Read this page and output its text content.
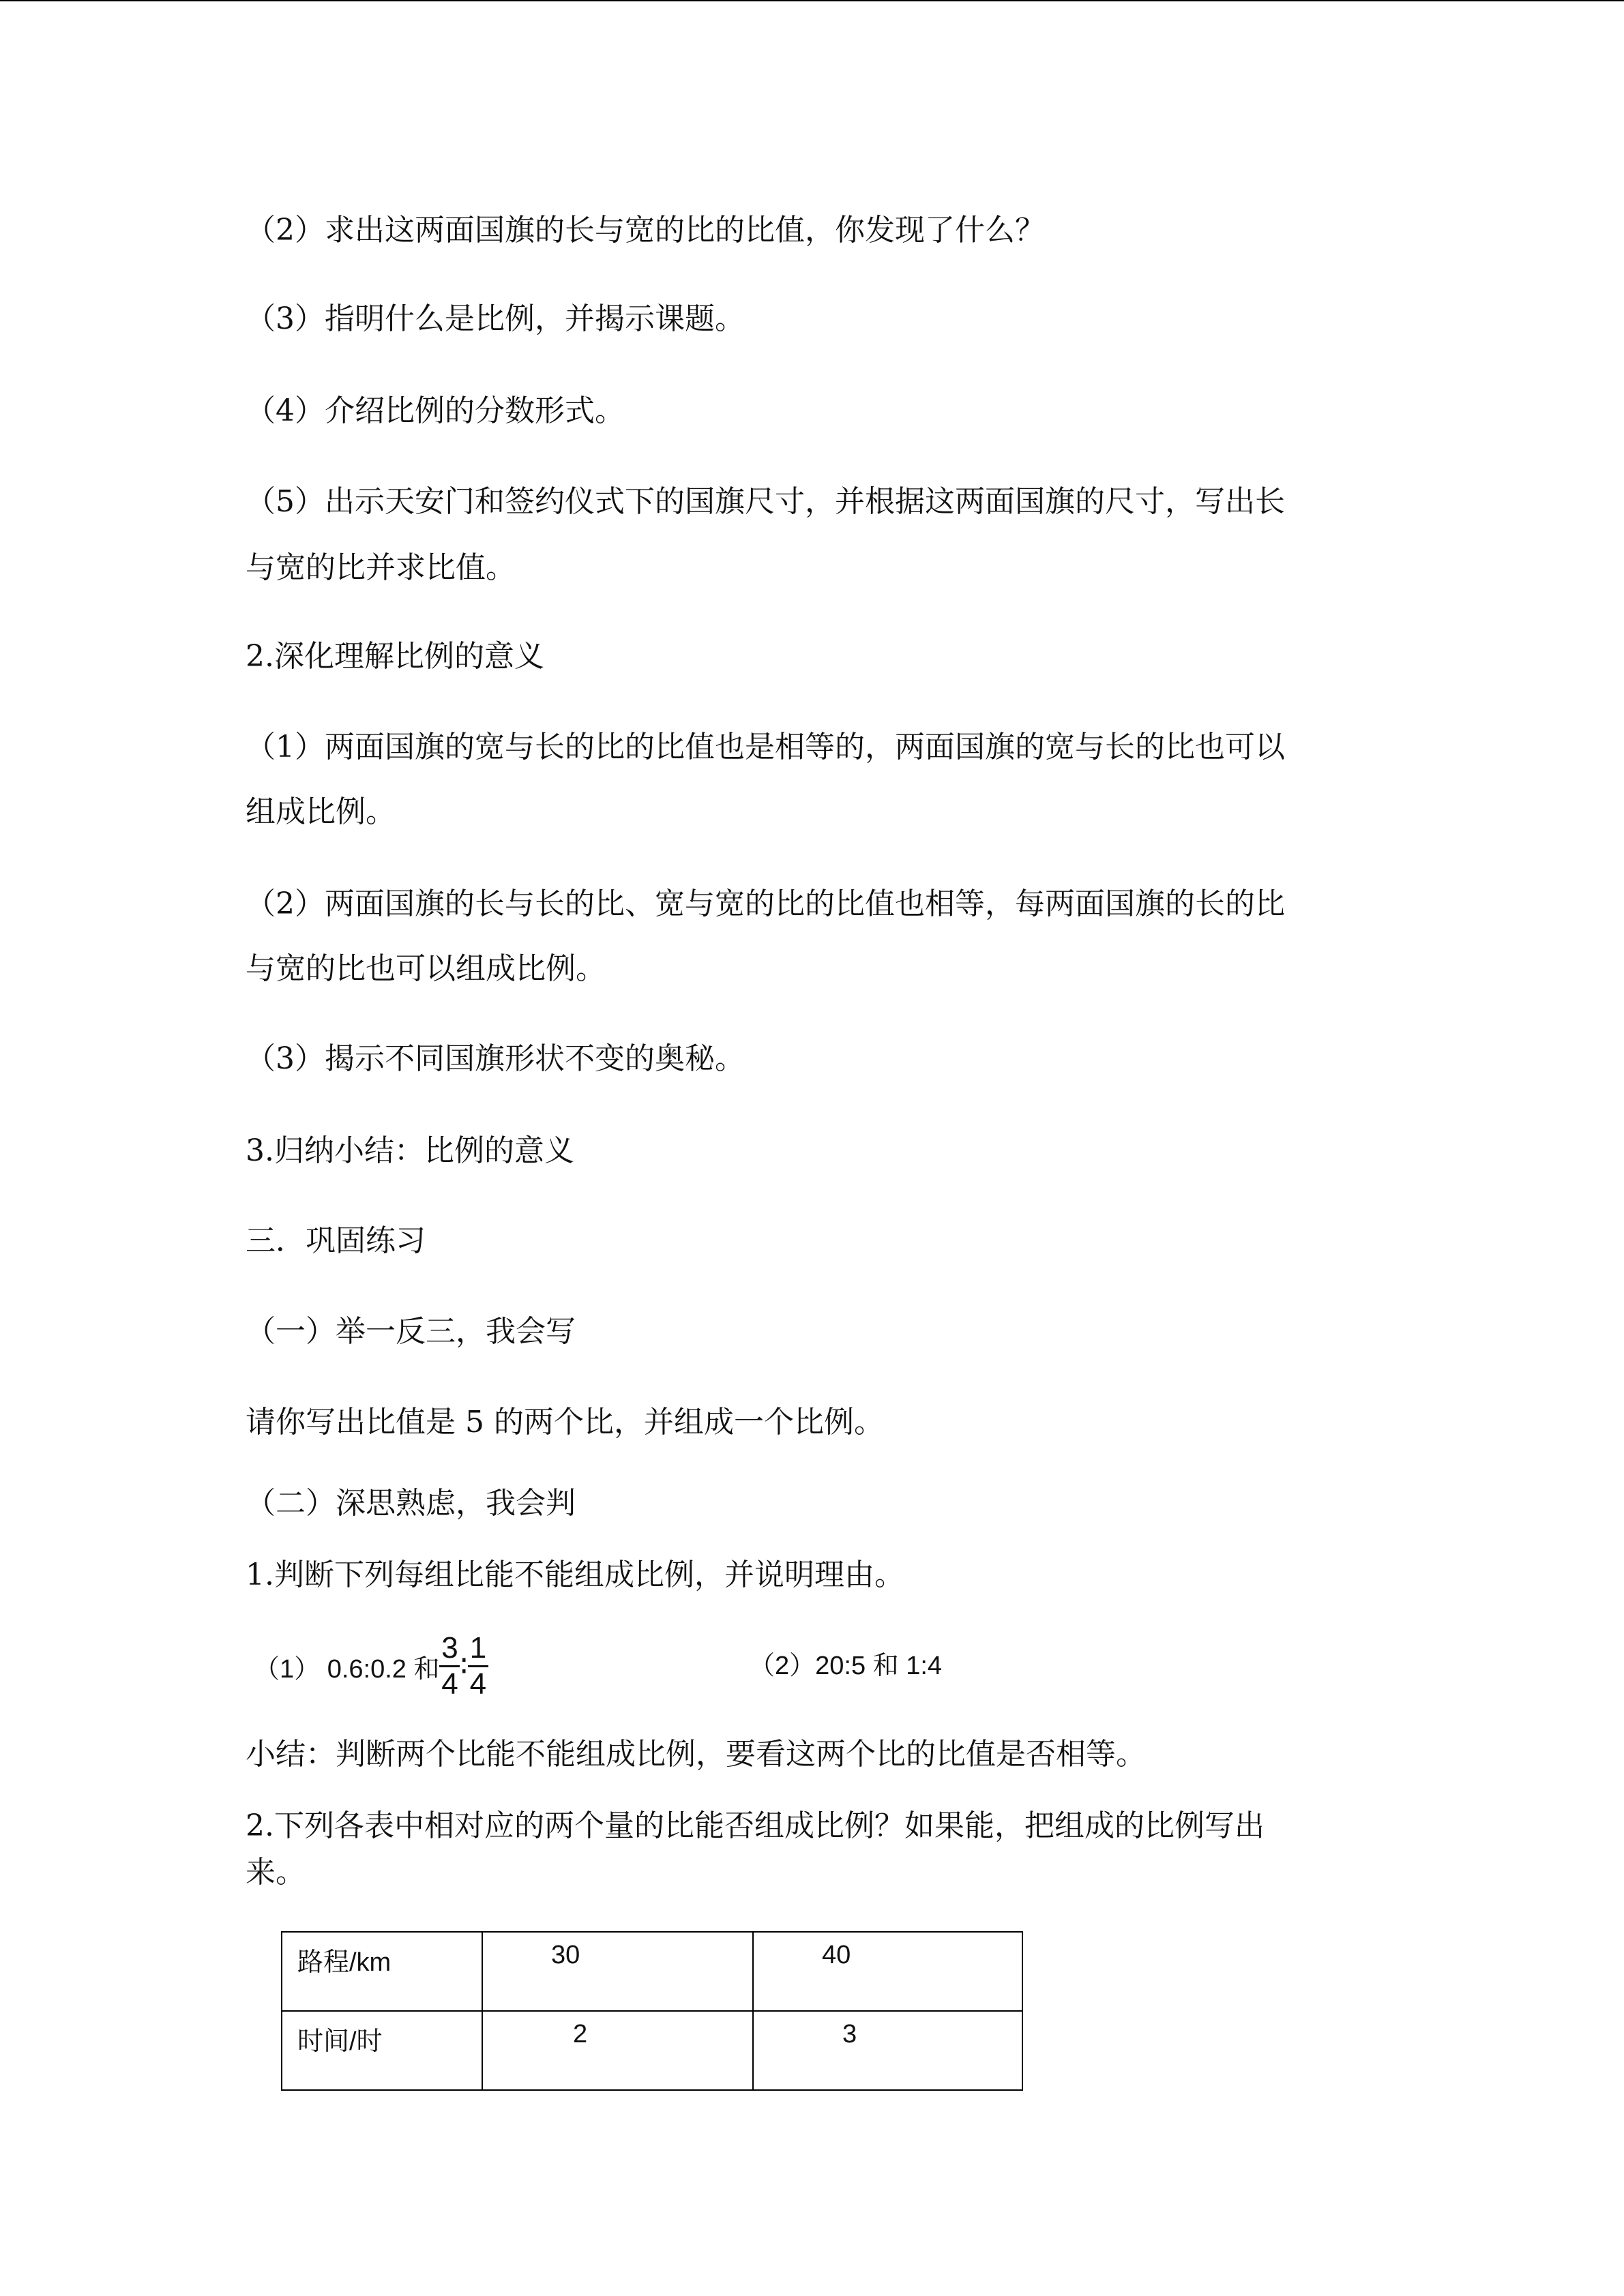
（2）求出这两面国旗的长与宽的比的比值，你发现了什么？

（3）指明什么是比例，并揭示课题。

（4）介绍比例的分数形式。

（5）出示天安门和签约仪式下的国旗尺寸，并根据这两面国旗的尺寸，写出长

与宽的比并求比值。

2.深化理解比例的意义

（1）两面国旗的宽与长的比的比值也是相等的，两面国旗的宽与长的比也可以

组成比例。

（2）两面国旗的长与长的比、宽与宽的比的比值也相等，每两面国旗的长的比

与宽的比也可以组成比例。

（3）揭示不同国旗形状不变的奥秘。

3.归纳小结：比例的意义

三．巩固练习

（一）举一反三，我会写

请你写出比值是 5 的两个比，并组成一个比例。

（二）深思熟虑，我会判

1.判断下列每组比能不能组成比例，并说明理由。

（1） 0.6:0.2 和 $\frac{3}{4}$ ∶ $\frac{1}{4}$	（2）20:5 和 1:4

小结：判断两个比能不能组成比例，要看这两个比的比值是否相等。

2.下列各表中相对应的两个量的比能否组成比例？如果能，把组成的比例写出

来。

路程/km	30	40
时间/时	2	3
